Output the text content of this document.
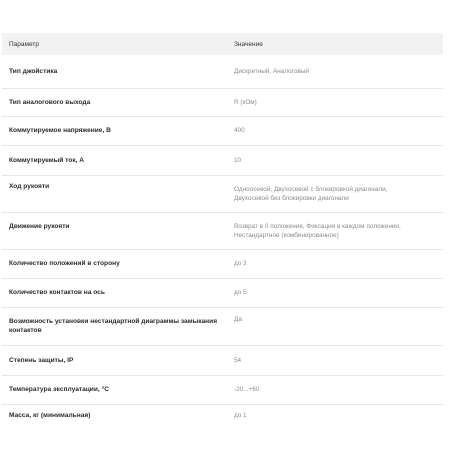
Параметр	Значение
Тип джойстика	Дискретный, Аналоговый
Тип аналогового выхода	R (кОм)
Коммутируемое напряжение, В	400
Коммутируемый ток, А	10
Ход рукояти	Одноосевой, Двухосевой с блокировкой диагонали, Двухосевой без блокировки диагонали
Движение рукояти	Возврат в 0 положение, Фиксация в каждом положении, Нестандартное (комбинированное)
Количество положений в сторону	до 3
Количество контактов на ось	до 5
Возможность установки нестандартной диаграммы замыкания контактов	Да
Степень защиты, IP	54
Температура эксплуатации, °С	-20...+60
Масса, кг (минимальная)	до 1
